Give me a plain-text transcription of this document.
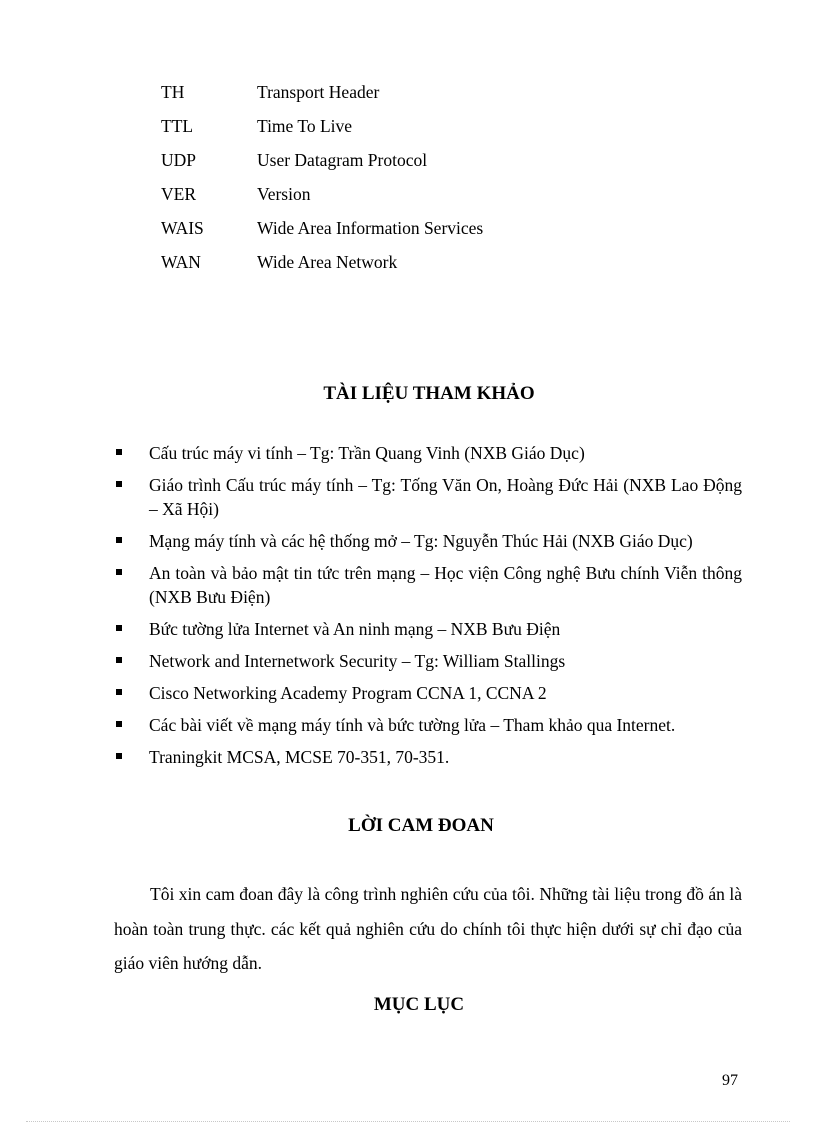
TH	Transport Header
TTL	Time To Live
UDP	User Datagram Protocol
VER	Version
WAIS	Wide Area Information Services
WAN	Wide Area Network
TÀI LIỆU THAM KHẢO
Cấu trúc máy vi tính – Tg: Trần Quang Vinh (NXB Giáo Dục)
Giáo trình Cấu trúc máy tính – Tg: Tống Văn On, Hoàng Đức Hải (NXB Lao Động – Xã Hội)
Mạng máy tính và các hệ thống mở – Tg: Nguyễn Thúc Hải (NXB Giáo Dục)
An toàn và bảo mật tin tức trên mạng – Học viện Công nghệ Bưu chính Viễn thông (NXB Bưu Điện)
Bức tường lửa Internet và An ninh mạng – NXB Bưu Điện
Network and Internetwork Security – Tg: William Stallings
Cisco Networking Academy Program CCNA 1, CCNA 2
Các bài viết về mạng máy tính và bức tường lửa – Tham khảo qua Internet.
Traningkit MCSA, MCSE 70-351, 70-351.
LỜI CAM ĐOAN

Tôi xin cam đoan đây là công trình nghiên cứu của tôi. Những tài liệu trong đồ án là hoàn toàn trung thực. các kết quả nghiên cứu do chính tôi thực hiện dưới sự chỉ đạo của giáo viên hướng dẫn.

MỤC LỤC
97
